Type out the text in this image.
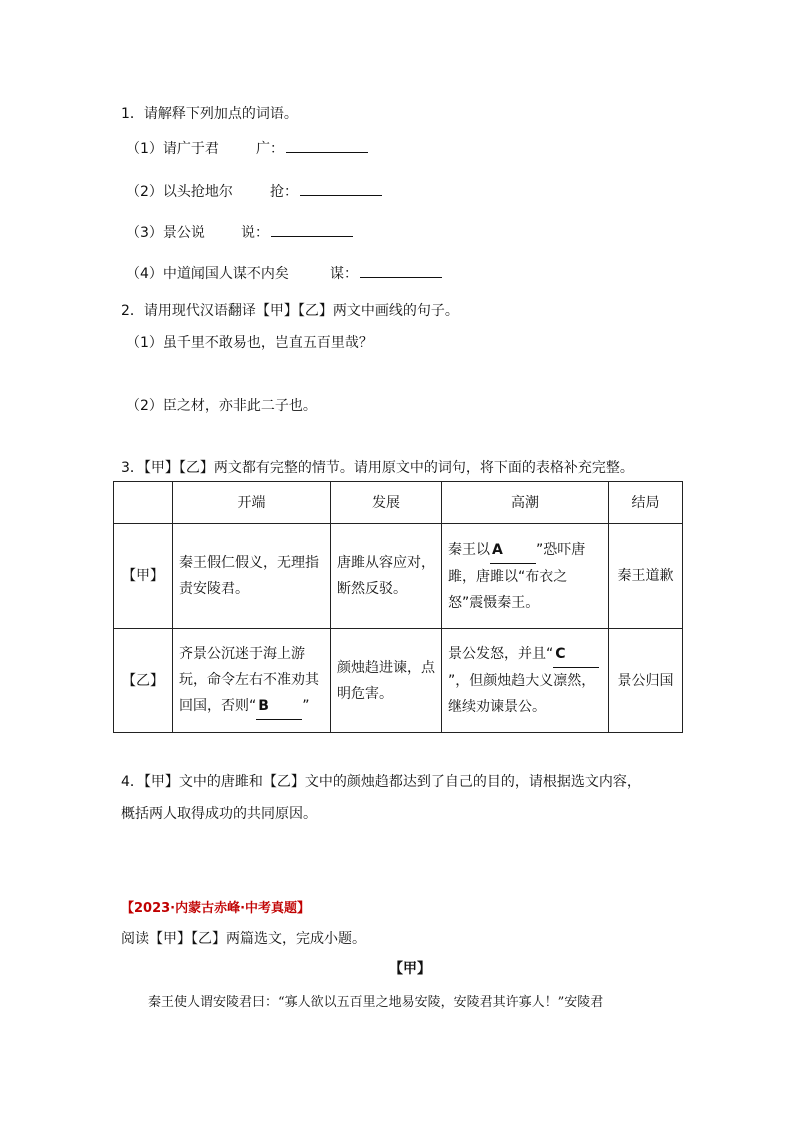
1．请解释下列加点的词语。
（1）请广于君	广：
（2）以头抢地尔	抢：
（3）景公说	说：
（4）中道闻国人谋不内矣	谋：
2．请用现代汉语翻译【甲】【乙】两文中画线的句子。
（1）虽千里不敢易也，岂直五百里哉？
（2）臣之材，亦非此二子也。
3．【甲】【乙】两文都有完整的情节。请用原文中的词句，将下面的表格补充完整。
	开端	发展	高潮	结局
【甲】	秦王假仁假义，无理指责安陵君。	唐雎从容应对，断然反驳。	秦王以 A ”恐吓唐雎，唐雎以“布衣之怒”震慑秦王。	秦王道歉
【乙】	齐景公沉迷于海上游玩，命令左右不准劝其回国，否则“ B ”	颜烛趋进谏，点明危害。	景公发怒，并且“ C”，但颜烛趋大义凛然，继续劝谏景公。	景公归国
4．【甲】文中的唐雎和【乙】文中的颜烛趋都达到了自己的目的，请根据选文内容，
概括两人取得成功的共同原因。
【2023·内蒙古赤峰·中考真题】
阅读【甲】【乙】两篇选文，完成小题。
【甲】
秦王使人谓安陵君曰：“寡人欲以五百里之地易安陵，安陵君其许寡人！”安陵君
